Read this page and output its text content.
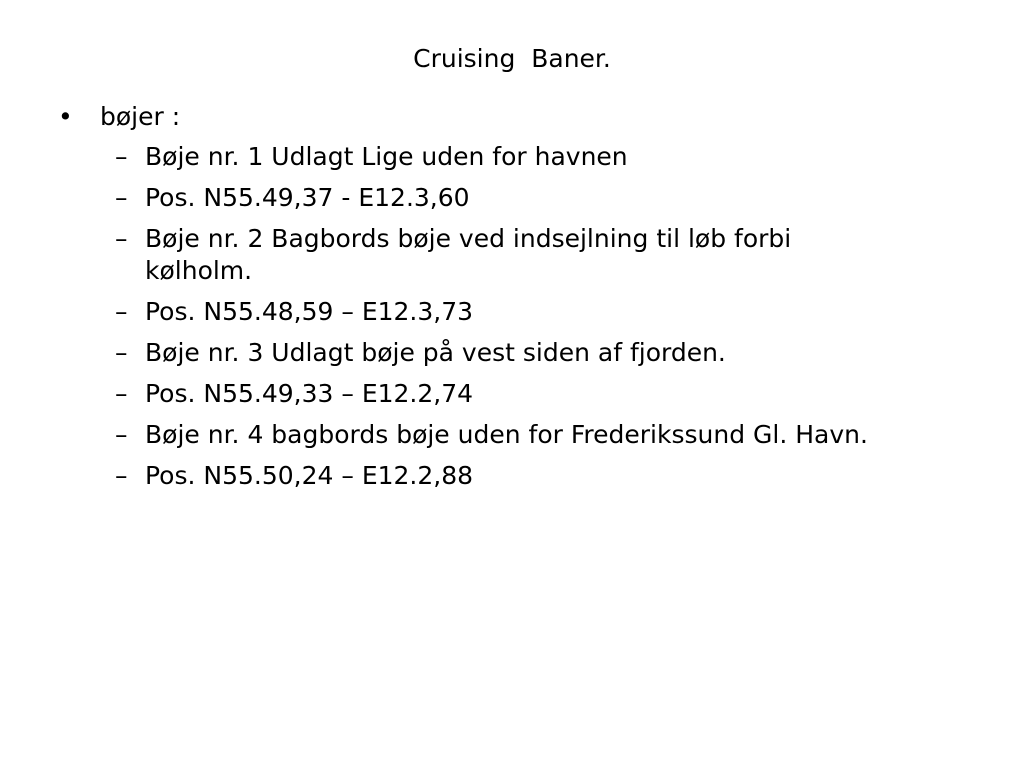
Cruising  Baner.
• bøjer :
– Bøje nr. 1 Udlagt Lige uden for havnen
– Pos. N55.49,37 - E12.3,60
– Bøje nr. 2 Bagbords bøje ved indsejlning til løb forbi kølholm.
– Pos. N55.48,59 – E12.3,73
– Bøje nr. 3 Udlagt bøje på vest siden af fjorden.
– Pos. N55.49,33 – E12.2,74
– Bøje nr. 4 bagbords bøje uden for Frederikssund Gl. Havn.
– Pos. N55.50,24 – E12.2,88
